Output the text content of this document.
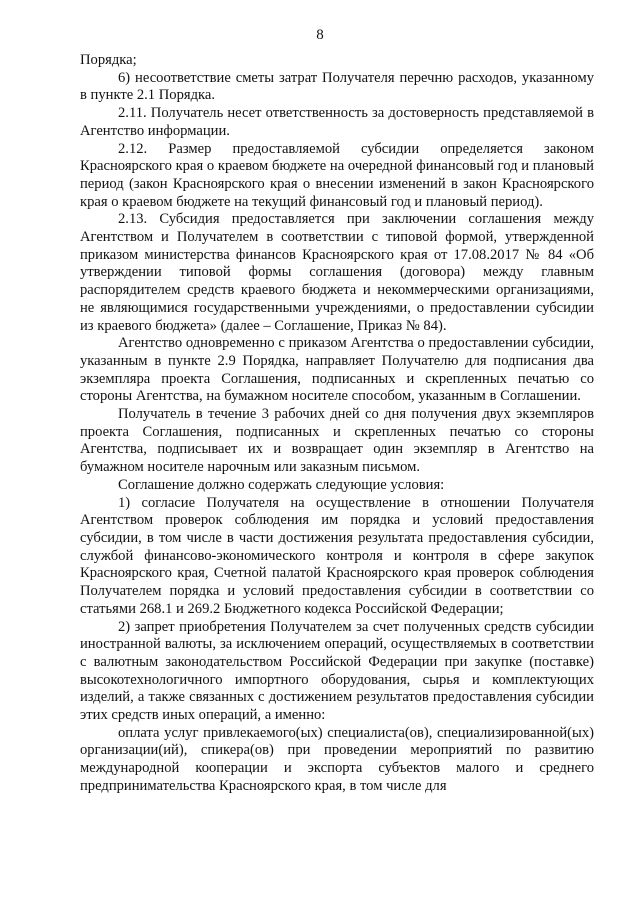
8

Порядка;

6) несоответствие сметы затрат Получателя перечню расходов, указанному в пункте 2.1 Порядка.

2.11. Получатель несет ответственность за достоверность представляемой в Агентство информации.

2.12. Размер предоставляемой субсидии определяется законом Красноярского края о краевом бюджете на очередной финансовый год и плановый период (закон Красноярского края о внесении изменений в закон Красноярского края о краевом бюджете на текущий финансовый год и плановый период).

2.13. Субсидия предоставляется при заключении соглашения между Агентством и Получателем в соответствии с типовой формой, утвержденной приказом министерства финансов Красноярского края от 17.08.2017 № 84 «Об утверждении типовой формы соглашения (договора) между главным распорядителем средств краевого бюджета и некоммерческими организациями, не являющимися государственными учреждениями, о предоставлении субсидии из краевого бюджета» (далее – Соглашение, Приказ № 84).

Агентство одновременно с приказом Агентства о предоставлении субсидии, указанным в пункте 2.9 Порядка, направляет Получателю для подписания два экземпляра проекта Соглашения, подписанных и скрепленных печатью со стороны Агентства, на бумажном носителе способом, указанным в Соглашении.

Получатель в течение 3 рабочих дней со дня получения двух экземпляров проекта Соглашения, подписанных и скрепленных печатью со стороны Агентства, подписывает их и возвращает один экземпляр в Агентство на бумажном носителе нарочным или заказным письмом.

Соглашение должно содержать следующие условия:

1) согласие Получателя на осуществление в отношении Получателя Агентством проверок соблюдения им порядка и условий предоставления субсидии, в том числе в части достижения результата предоставления субсидии, службой финансово-экономического контроля и контроля в сфере закупок Красноярского края, Счетной палатой Красноярского края проверок соблюдения Получателем порядка и условий предоставления субсидии в соответствии со статьями 268.1 и 269.2 Бюджетного кодекса Российской Федерации;

2) запрет приобретения Получателем за счет полученных средств субсидии иностранной валюты, за исключением операций, осуществляемых в соответствии с валютным законодательством Российской Федерации при закупке (поставке) высокотехнологичного импортного оборудования, сырья и комплектующих изделий, а также связанных с достижением результатов предоставления субсидии этих средств иных операций, а именно:

оплата услуг привлекаемого(ых) специалиста(ов), специализированной(ых) организации(ий), спикера(ов) при проведении мероприятий по развитию международной кооперации и экспорта субъектов малого и среднего предпринимательства Красноярского края, в том числе для
